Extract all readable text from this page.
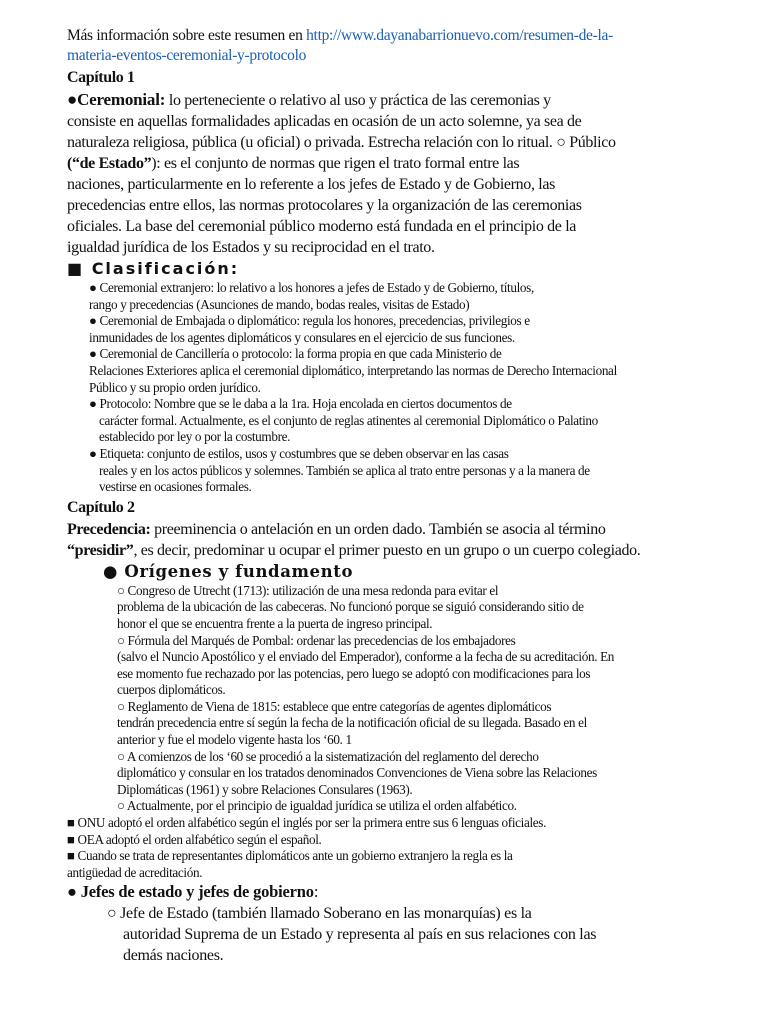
Más información sobre este resumen en http://www.dayanabarrionuevo.com/resumen-de-la-

materia-eventos-ceremonial-y-protocolo

Capítulo 1

●Ceremonial: lo perteneciente o relativo al uso y práctica de las ceremonias y

consiste en aquellas formalidades aplicadas en ocasión de un acto solemne, ya sea de

naturaleza religiosa, pública (u oficial) o privada. Estrecha relación con lo ritual. ○ Público

(“de Estado”): es el conjunto de normas que rigen el trato formal entre las

naciones, particularmente en lo referente a los jefes de Estado y de Gobierno, las

precedencias entre ellos, las normas protocolares y la organización de las ceremonias

oficiales. La base del ceremonial público moderno está fundada en el principio de la

igualdad jurídica de los Estados y su reciprocidad en el trato.

■ Clasificación:

● Ceremonial extranjero: lo relativo a los honores a jefes de Estado y de Gobierno, títulos,

rango y precedencias (Asunciones de mando, bodas reales, visitas de Estado)

● Ceremonial de Embajada o diplomático: regula los honores, precedencias, privilegios e

inmunidades de los agentes diplomáticos y consulares en el ejercicio de sus funciones.

● Ceremonial de Cancillería o protocolo: la forma propia en que cada Ministerio de

Relaciones Exteriores aplica el ceremonial diplomático, interpretando las normas de Derecho Internacional

Público y su propio orden jurídico.

● Protocolo: Nombre que se le daba a la 1ra. Hoja encolada en ciertos documentos de

carácter formal. Actualmente, es el conjunto de reglas atinentes al ceremonial Diplomático o Palatino

establecido por ley o por la costumbre.

● Etiqueta: conjunto de estilos, usos y costumbres que se deben observar en las casas

reales y en los actos públicos y solemnes. También se aplica al trato entre personas y a la manera de

vestirse en ocasiones formales.

Capítulo 2

Precedencia: preeminencia o antelación en un orden dado. También se asocia al término

“presidir”, es decir, predominar u ocupar el primer puesto en un grupo o un cuerpo colegiado.

● Orígenes y fundamento

○ Congreso de Utrecht (1713): utilización de una mesa redonda para evitar el

problema de la ubicación de las cabeceras. No funcionó porque se siguió considerando sitio de

honor el que se encuentra frente a la puerta de ingreso principal.

○ Fórmula del Marqués de Pombal: ordenar las precedencias de los embajadores

(salvo el Nuncio Apostólico y el enviado del Emperador), conforme a la fecha de su acreditación. En

ese momento fue rechazado por las potencias, pero luego se adoptó con modificaciones para los

cuerpos diplomáticos.

○ Reglamento de Viena de 1815: establece que entre categorías de agentes diplomáticos

tendrán precedencia entre sí según la fecha de la notificación oficial de su llegada. Basado en el

anterior y fue el modelo vigente hasta los ‘60. 1

○ A comienzos de los ‘60 se procedió a la sistematización del reglamento del derecho

diplomático y consular en los tratados denominados Convenciones de Viena sobre las Relaciones

Diplomáticas (1961) y sobre Relaciones Consulares (1963).

○ Actualmente, por el principio de igualdad jurídica se utiliza el orden alfabético.

■ ONU adoptó el orden alfabético según el inglés por ser la primera entre sus 6 lenguas oficiales.

■ OEA adoptó el orden alfabético según el español.

■ Cuando se trata de representantes diplomáticos ante un gobierno extranjero la regla es la

antigüedad de acreditación.

● Jefes de estado y jefes de gobierno:

○ Jefe de Estado (también llamado Soberano en las monarquías) es la

autoridad Suprema de un Estado y representa al país en sus relaciones con las

demás naciones.
